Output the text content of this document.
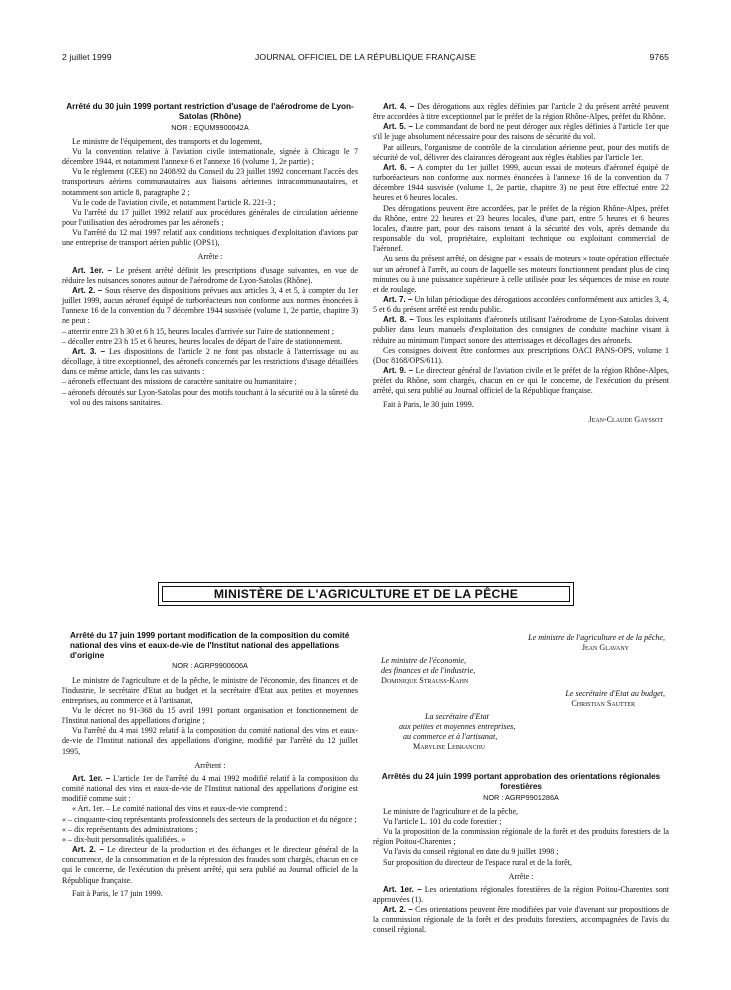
2 juillet 1999	JOURNAL OFFICIEL DE LA RÉPUBLIQUE FRANÇAISE	9765
Arrêté du 30 juin 1999 portant restriction d'usage de l'aérodrome de Lyon-Satolas (Rhône)
NOR : EQUM9900042A

Le ministre de l'équipement, des transports et du logement,

Vu la convention relative à l'aviation civile internationale, signée à Chicago le 7 décembre 1944, et notamment l'annexe 6 et l'annexe 16 (volume 1, 2e partie) ;

Vu le règlement (CEE) no 2408/92 du Conseil du 23 juillet 1992 concernant l'accès des transporteurs aériens communautaires aux liaisons aériennes intracommunautaires, et notamment son article 8, paragraphe 2 ;

Vu le code de l'aviation civile, et notamment l'article R. 221-3 ;

Vu l'arrêté du 17 juillet 1992 relatif aux procédures générales de circulation aérienne pour l'utilisation des aérodromes par les aéronefs ;

Vu l'arrêté du 12 mai 1997 relatif aux conditions techniques d'exploitation d'avions par une entreprise de transport aérien public (OPS1),

Arrête :

Art. 1er. – Le présent arrêté définit les prescriptions d'usage suivantes, en vue de réduire les nuisances sonores autour de l'aérodrome de Lyon-Satolas (Rhône).

Art. 2. – Sous réserve des dispositions prévues aux articles 3, 4 et 5, à compter du 1er juillet 1999, aucun aéronef équipé de turboréacteurs non conforme aux normes énoncées à l'annexe 16 de la convention du 7 décembre 1944 susvisée (volume 1, 2e partie, chapitre 3) ne peut :

– atterrir entre 23 h 30 et 6 h 15, heures locales d'arrivée sur l'aire de stationnement ;

– décoller entre 23 h 15 et 6 heures, heures locales de départ de l'aire de stationnement.

Art. 3. – Les dispositions de l'article 2 ne font pas obstacle à l'atterrissage ou au décollage, à titre exceptionnel, des aéronefs concernés par les restrictions d'usage détaillées dans ce même article, dans les cas suivants :

– aéronefs effectuant des missions de caractère sanitaire ou humanitaire ;

– aéronefs déroutés sur Lyon-Satolas pour des motifs touchant à la sécurité ou à la sûreté du vol ou des raisons sanitaires.

Art. 4. – Des dérogations aux règles définies par l'article 2 du présent arrêté peuvent être accordées à titre exceptionnel par le préfet de la région Rhône-Alpes, préfet du Rhône.

Art. 5. – Le commandant de bord ne peut déroger aux règles définies à l'article 1er que s'il le juge absolument nécessaire pour des raisons de sécurité du vol.

Par ailleurs, l'organisme de contrôle de la circulation aérienne peut, pour des motifs de sécurité de vol, délivrer des clairances dérogeant aux règles établies par l'article 1er.

Art. 6. – A compter du 1er juillet 1999, aucun essai de moteurs d'aéronef équipé de turboréacteurs non conforme aux normes énoncées à l'annexe 16 de la convention du 7 décembre 1944 susvisée (volume 1, 2e partie, chapitre 3) ne peut être effectué entre 22 heures et 6 heures locales.

Des dérogations peuvent être accordées, par le préfet de la région Rhône-Alpes, préfet du Rhône, entre 22 heures et 23 heures locales, d'une part, entre 5 heures et 6 heures locales, d'autre part, pour des raisons tenant à la sécurité des vols, après demande du responsable du vol, propriétaire, exploitant technique ou exploitant commercial de l'aéronef.

Au sens du présent arrêté, on désigne par « essais de moteurs » toute opération effectuée sur un aéronef à l'arrêt, au cours de laquelle ses moteurs fonctionnent pendant plus de cinq minutes ou à une puissance supérieure à celle utilisée pour les séquences de mise en route et de roulage.

Art. 7. – Un bilan périodique des dérogations accordées conformément aux articles 3, 4, 5 et 6 du présent arrêté est rendu public.

Art. 8. – Tous les exploitants d'aéronefs utilisant l'aérodrome de Lyon-Satolas doivent publier dans leurs manuels d'exploitation des consignes de conduite machine visant à réduire au minimum l'impact sonore des atterrissages et décollages des aéronefs.

Ces consignes doivent être conformes aux prescriptions OACI PANS-OPS, volume 1 (Doc 8168/OPS/611).

Art. 9. – Le directeur général de l'aviation civile et le préfet de la région Rhône-Alpes, préfet du Rhône, sont chargés, chacun en ce qui le concerne, de l'exécution du présent arrêté, qui sera publié au Journal officiel de la République française.

Fait à Paris, le 30 juin 1999.

Jean-Claude Gayssot

MINISTÈRE DE L'AGRICULTURE ET DE LA PÊCHE
Arrêté du 17 juin 1999 portant modification de la composition du comité national des vins et eaux-de-vie de l'Institut national des appellations d'origine
NOR : AGRP9900606A

Le ministre de l'agriculture et de la pêche, le ministre de l'économie, des finances et de l'industrie, le secrétaire d'Etat au budget et la secrétaire d'Etat aux petites et moyennes entreprises, au commerce et à l'artisanat,

Vu le décret no 91-368 du 15 avril 1991 portant organisation et fonctionnement de l'Institut national des appellations d'origine ;

Vu l'arrêté du 4 mai 1992 relatif à la composition du comité national des vins et eaux-de-vie de l'Institut national des appellations d'origine, modifié par l'arrêté du 12 juillet 1995,

Arrêtent :

Art. 1er. – L'article 1er de l'arrêté du 4 mai 1992 modifié relatif à la composition du comité national des vins et eaux-de-vie de l'Institut national des appellations d'origine est modifié comme suit :

« Art. 1er. – Le comité national des vins et eaux-de-vie comprend :

« – cinquante-cinq représentants professionnels des secteurs de la production et du négoce ;

« – dix représentants des administrations ;

« – dix-huit personnalités qualifiées. »

Art. 2. – Le directeur de la production et des échanges et le directeur général de la concurrence, de la consommation et de la répression des fraudes sont chargés, chacun en ce qui le concerne, de l'exécution du présent arrêté, qui sera publié au Journal officiel de la République française.

Fait à Paris, le 17 juin 1999.

Le ministre de l'agriculture et de la pêche,
Jean Glavany
Le ministre de l'économie,
des finances et de l'industrie,
Dominique Strauss-Kahn
Le secrétaire d'Etat au budget,
Christian Sautter
La secrétaire d'Etat
aux petites et moyennes entreprises,
au commerce et à l'artisanat,
Marylise Lebranchu
Arrêtés du 24 juin 1999 portant approbation des orientations régionales forestières
NOR : AGRP9901286A

Le ministre de l'agriculture et de la pêche,

Vu l'article L. 101 du code forestier ;

Vu la proposition de la commission régionale de la forêt et des produits forestiers de la région Poitou-Charentes ;

Vu l'avis du conseil régional en date du 9 juillet 1998 ;

Sur proposition du directeur de l'espace rural et de la forêt,

Arrête :

Art. 1er. – Les orientations régionales forestières de la région Poitou-Charentes sont approuvées (1).

Art. 2. – Ces orientations peuvent être modifiées par voie d'avenant sur propositions de la commission régionale de la forêt et des produits forestiers, accompagnées de l'avis du conseil régional.
